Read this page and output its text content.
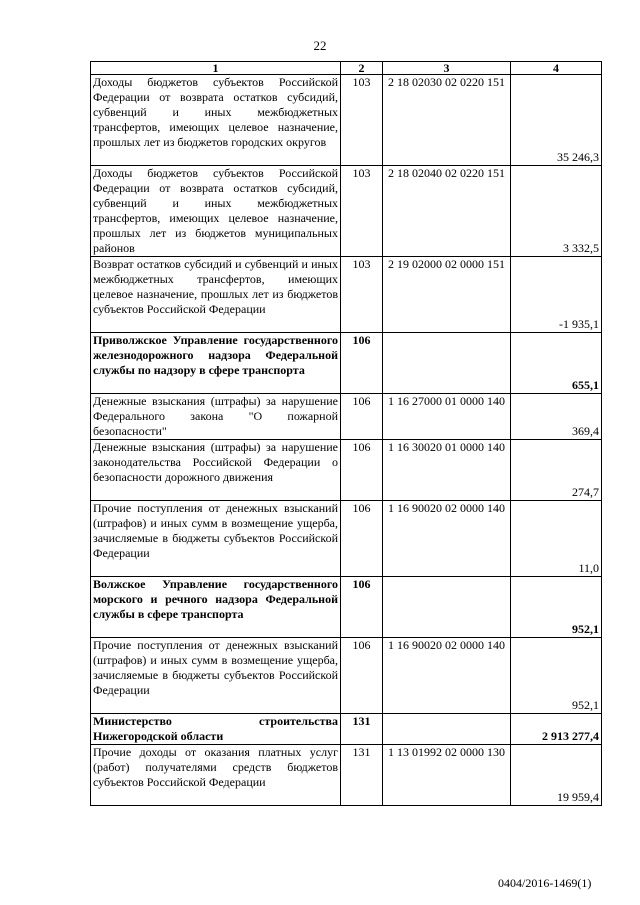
22
1	2	3	4
Доходы бюджетов субъектов Российской Федерации от возврата остатков субсидий, субвенций и иных межбюджетных трансфертов, имеющих целевое назначение, прошлых лет из бюджетов городских округов	103	2 18 02030 02 0220 151	35 246,3
Доходы бюджетов субъектов Российской Федерации от возврата остатков субсидий, субвенций и иных межбюджетных трансфертов, имеющих целевое назначение, прошлых лет из бюджетов муниципальных районов	103	2 18 02040 02 0220 151	3 332,5
Возврат остатков субсидий и субвенций и иных межбюджетных трансфертов, имеющих целевое назначение, прошлых лет из бюджетов субъектов Российской Федерации	103	2 19 02000 02 0000 151	-1 935,1
Приволжское Управление государственного железнодорожного надзора Федеральной службы по надзору в сфере транспорта	106		655,1
Денежные взыскания (штрафы) за нарушение Федерального закона "О пожарной безопасности"	106	1 16 27000 01 0000 140	369,4
Денежные взыскания (штрафы) за нарушение законодательства Российской Федерации о безопасности дорожного движения	106	1 16 30020 01 0000 140	274,7
Прочие поступления от денежных взысканий (штрафов) и иных сумм в возмещение ущерба, зачисляемые в бюджеты субъектов Российской Федерации	106	1 16 90020 02 0000 140	11,0
Волжское Управление государственного морского и речного надзора Федеральной службы в сфере транспорта	106		952,1
Прочие поступления от денежных взысканий (штрафов) и иных сумм в возмещение ущерба, зачисляемые в бюджеты субъектов Российской Федерации	106	1 16 90020 02 0000 140	952,1
Министерство строительства Нижегородской области	131		2 913 277,4
Прочие доходы от оказания платных услуг (работ) получателями средств бюджетов субъектов Российской Федерации	131	1 13 01992 02 0000 130	19 959,4
0404/2016-1469(1)
